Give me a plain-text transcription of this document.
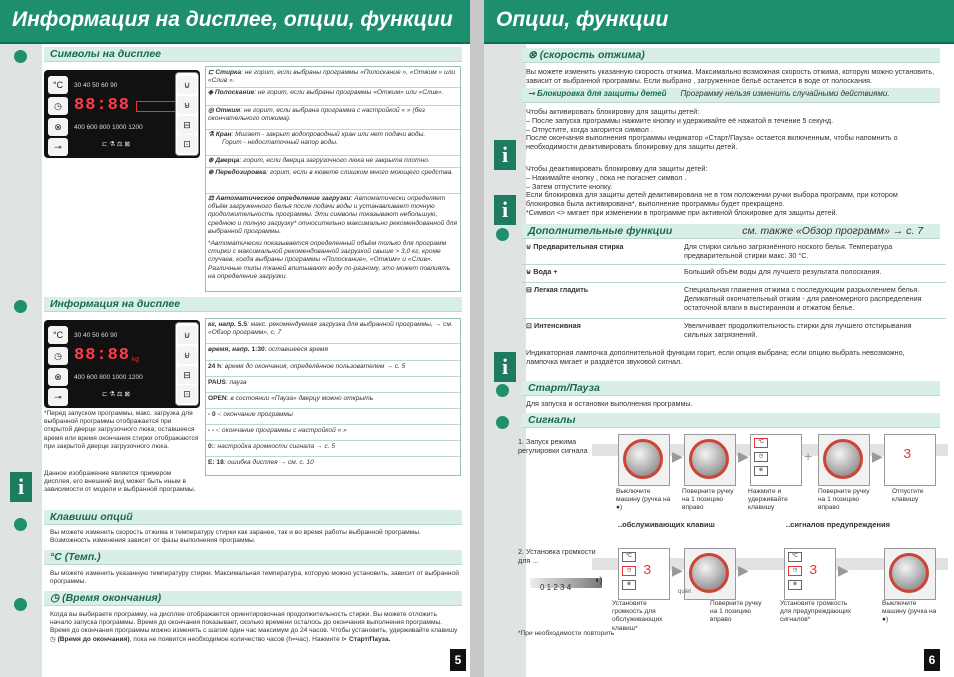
Информация на дисплее, опции, функции
Символы на дисплее
°C
◷
⊗
⊸
30 40 50 60 90
88:88
400 600 800 1000 1200
⊏ ⚗ ⚖ ⊠
⊍
⊌
⊟
⊡
⊏ Стирка: не горит, если выбраны программы «Полоскание », «Отжим » или «Слив ».
◈ Полоскание: не горит, если выбраны программы «Отжим» или «Слив».
◎ Отжим: не горит, если выбрана программа с настройкой « » (без окончательного отжима).
⚗ Кран: Мигает - закрыт водопроводный кран или нет подачи воды.
Горит - недостаточный напор воды.
⊕ Дверца: горит, если дверца загрузочного люка не закрыта плотно.
⊛ Передозировка: горит, если в кювете слишком много моющего средства.
⚖ Автоматическое определение загрузки: Автоматически определяет объём загруженного белья после подачи воды и устанавливает точную продолжительность программы. Эти символы показывают небольшую, среднюю и полную загрузку* относительно максимально рекомендованной для выбранной программы.
*Автоматически показывается определенный объём только для программ стирки с максимальной рекомендованной загрузкой свыше > 3,0 кг, кроме случаев, когда выбраны программы «Полоскание», «Отжим» и «Слив». Различные типы тканей впитывают воду по-разному, это может повлиять на определение загрузки.
Информация на дисплее
°C
◷
⊗
⊸
30 40 50 60 90
88:88 kg
400 600 800 1000 1200
⊏ ⚗ ⚖ ⊠
⊍
⊌
⊟
⊡
кг, напр. 5.5: макс. рекомендуемая загрузка для выбранной программы, → см. «Обзор программ», с. 7
время, напр. 1:30: оставшееся время
24 h: время до окончания, определённое пользователем → с. 5
PAUS: пауза
OPEN: в состоянии «Пауза» дверцу можно открыть
- 0 -: окончание программы
- - -: окончание программы с настройкой « »
0:: настройка громкости сигнала → с. 5
E: 18: ошибка дисплея → см. с. 10
*Перед запуском программы, макс. загрузка для выбранной программы отображается при открытой дверце загрузочного люка; оставшееся время или время окончания стирки отображаются при закрытой дверце загрузочного люка.
i
Данное изображение является примером дисплея, его внешний вид может быть иным в зависимости от модели и выбранной программы.
Клавиши опций
Вы можете изменить скорость отжима и температуру стирки как заранее, так и во время работы выбранной программы. Возможность изменения зависит от фазы выполнения программы.
°C (Темп.)
Вы можете изменить указанную температуру стирки. Максимальная температура, которую можно установить, зависит от выбранной программы.
◷ (Время окончания)
Когда вы выбираете программу, на дисплее отображается ориентировочная продолжительность стирки. Вы можете отложить начало запуска программы. Время до окончания показывает, сколько времени осталось до окончания выполнения программы. Время до окончания программы можно изменять с шагом один час максимум до 24 часов. Чтобы установить, удерживайте клавишу ◷ (Время до окончания), пока не появится необходимое количество часов (h=час). Нажмите ⊳ Старт/Пауза.
5
Опции, функции
⊗ (скорость отжима)
Вы можете изменить указанную скорость отжима. Максимально возможная скорость отжима, которую можно установить, зависит от выбранной программы. Если выбрано , загруженное бельё останется в воде от полоскания.
⊸ Блокировка для защиты детей Программу нельзя изменить случайными действиями.
i
Чтобы активировать блокировку для защиты детей:
– После запуска программы нажмите кнопку и удерживайте её нажатой в течение 5 секунд.
– Отпустите, когда загорится символ .
После окончания выполнения программы индикатор «Старт/Пауза» остается включенным, чтобы напомнить о необходимости деактивировать блокировку для защиты детей.
i
Чтобы деактивировать блокировку для защиты детей:
– Нажимайте кнопку , пока не погаснет символ .
– Затем отпустите кнопку.
Если блокировка для защиты детей деактивирована не в том положении ручки выбора программ, при котором блокировка была активирована*, выполнение программы будет прекращено.
*Символ <> мигает при изменении в программе при активной блокировке для защиты детей.
Дополнительные функции	см. также «Обзор программ» → с. 7
⊍ Предварительная стирка	Для стирки сильно загрязнённого ноского белья. Температура предварительной стирки макс. 30 °C.
⊌ Вода +	Больший объём воды для лучшего результата полоскания.
⊟ Легкая гладить	Специальная глажения отжима с последующим разрыхлением белья. Деликатный окончательный отжим - для равномерного распределения остаточной влаги в выстиранном и отжатом белье.
⊡ Интенсивная	Увеличивает продолжительность стирки для лучшего отстирывания сильных загрязнений.
i
Индикаторная лампочка дополнительной функции горит, если опция выбрана; если опцию выбрать невозможно, лампочка мигает и раздаётся звуковой сигнал.
Старт/Пауза
Для запуска и остановки выполнения программы.
Сигналы
1. Запуск режима регулировки сигнала	▶	▶
°C
◷
⊗
+	▶ 3
Выключите машину (ручка на ●)
Поверните ручку на 1 позицию вправо
Нажмите и удерживайте клавишу
Поверните ручку на 1 позицию вправо
Отпустите клавишу
..обслуживающих клавиш	..сигналов предупреждения
2. Установка громкости для ...
0 1 2 3 4
◖)
°C
◷
⊗
3 ▶	▶
°C
◷
⊗
3 ▶
quiet
Установите громкость для обслуживающих клавиш*
Поверните ручку на 1 позицию вправо
Установите громкость для предупреждающих сигналов*
Выключите машину (ручка на ●)
*При необходимости повторить
6
